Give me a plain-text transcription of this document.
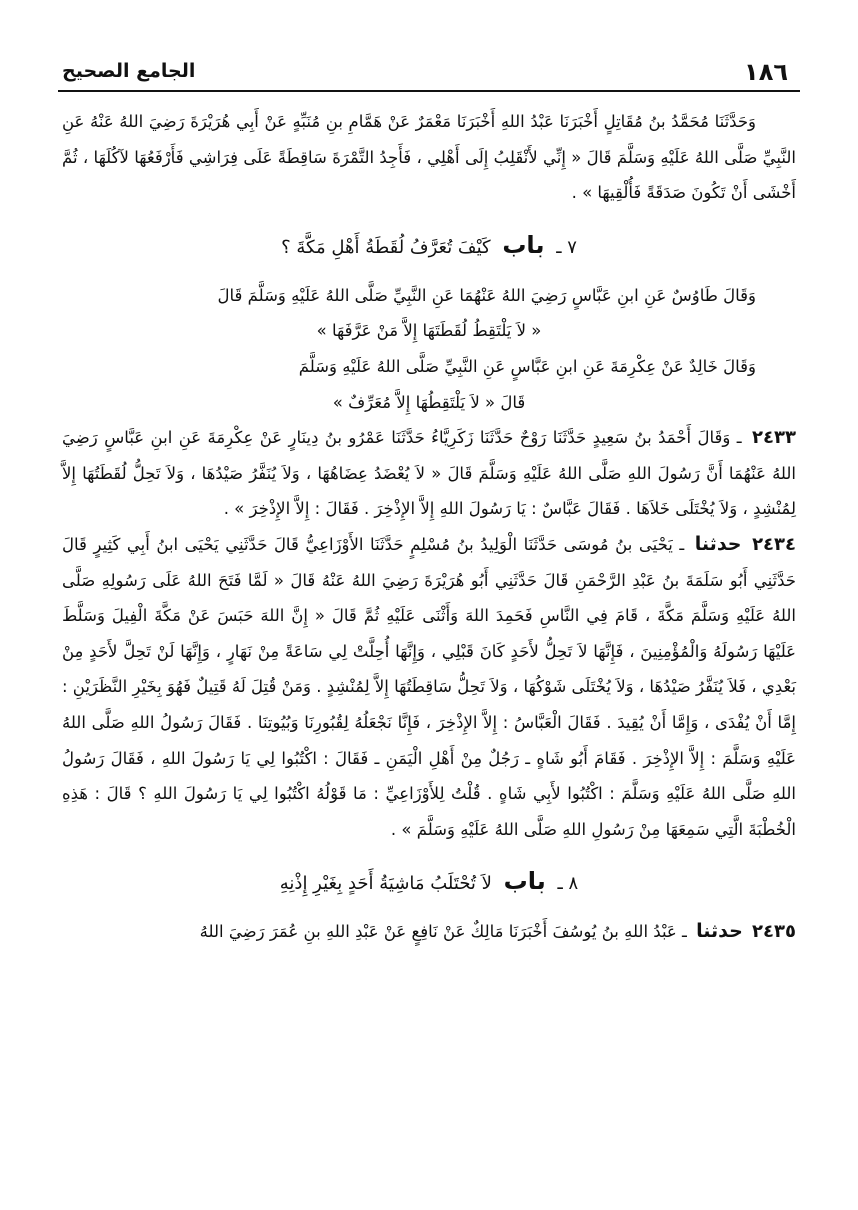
١٨٦
الجامع الصحيح

وَحَدَّثَنَا مُحَمَّدُ بنُ مُقَاتِلٍ أَخْبَرَنَا عَبْدُ اللهِ أَخْبَرَنَا مَعْمَرٌ عَنْ هَمَّامِ بنِ مُنَبِّهٍ عَنْ أَبِي هُرَيْرَةَ رَضِيَ اللهُ عَنْهُ عَنِ النَّبِيِّ صَلَّى اللهُ عَلَيْهِ وَسَلَّمَ قَالَ « إِنِّي لأَنْقَلِبُ إِلَى أَهْلِي ، فَأَجِدُ التَّمْرَةَ سَاقِطَةً عَلَى فِرَاشِي فَأَرْفَعُهَا لآكُلَهَا ، ثُمَّ أَخْشَى أَنْ تَكُونَ صَدَقَةً فَأُلْقِيهَا » .

٧ ـ باب كَيْفَ تُعَرَّفُ لُقَطَةُ أَهْلِ مَكَّةَ ؟

وَقَالَ طَاوُسٌ عَنِ ابنِ عَبَّاسٍ رَضِيَ اللهُ عَنْهُمَا عَنِ النَّبِيِّ صَلَّى اللهُ عَلَيْهِ وَسَلَّمَ قَالَ

« لاَ يَلْتَقِطُ لُقَطَتَهَا إِلاَّ مَنْ عَرَّفَهَا »

وَقَالَ خَالِدٌ عَنْ عِكْرِمَةَ عَنِ ابنِ عَبَّاسٍ عَنِ النَّبِيِّ صَلَّى اللهُ عَلَيْهِ وَسَلَّمَ

قَالَ « لاَ يَلْتَقِطُهَا إِلاَّ مُعَرِّفٌ »

٢٤٣٣ ـ وَقَالَ أَحْمَدُ بنُ سَعِيدٍ حَدَّثَنَا رَوْحٌ حَدَّثَنَا زَكَرِيَّاءُ حَدَّثَنَا عَمْرُو بنُ دِينَارٍ عَنْ عِكْرِمَةَ عَنِ ابنِ عَبَّاسٍ رَضِيَ اللهُ عَنْهُمَا أَنَّ رَسُولَ اللهِ صَلَّى اللهُ عَلَيْهِ وَسَلَّمَ قَالَ « لاَ يُعْضَدُ عِضَاهُهَا ، وَلاَ يُنَفَّرُ صَيْدُهَا ، وَلاَ تَحِلُّ لُقَطَتُهَا إِلاَّ لِمُنْشِدٍ ، وَلاَ يُخْتَلَى خَلاَهَا . فَقَالَ عَبَّاسٌ : يَا رَسُولَ اللهِ إِلاَّ الإِذْخِرَ . فَقَالَ : إِلاَّ الإِذْخِرَ » .

٢٤٣٤ حدثنا ـ يَحْيَى بنُ مُوسَى حَدَّثَنَا الْوَلِيدُ بنُ مُسْلِمٍ حَدَّثَنَا الأَوْزَاعِيُّ قَالَ حَدَّثَنِي يَحْيَى ابنُ أَبِي كَثِيرٍ قَالَ حَدَّثَنِي أَبُو سَلَمَةَ بنُ عَبْدِ الرَّحْمَنِ قَالَ حَدَّثَنِي أَبُو هُرَيْرَةَ رَضِيَ اللهُ عَنْهُ قَالَ « لَمَّا فَتَحَ اللهُ عَلَى رَسُولِهِ صَلَّى اللهُ عَلَيْهِ وَسَلَّمَ مَكَّةَ ، قَامَ فِي النَّاسِ فَحَمِدَ اللهَ وَأَثْنَى عَلَيْهِ ثُمَّ قَالَ « إِنَّ اللهَ حَبَسَ عَنْ مَكَّةَ الْفِيلَ وَسَلَّطَ عَلَيْهَا رَسُولَهُ وَالْمُؤْمِنِينَ ، فَإِنَّهَا لاَ تَحِلُّ لأَحَدٍ كَانَ قَبْلِي ، وَإِنَّهَا أُحِلَّتْ لِي سَاعَةً مِنْ نَهَارٍ ، وَإِنَّهَا لَنْ تَحِلَّ لأَحَدٍ مِنْ بَعْدِي ، فَلاَ يُنَفَّرُ صَيْدُهَا ، وَلاَ يُخْتَلَى شَوْكُهَا ، وَلاَ تَحِلُّ سَاقِطَتُهَا إِلاَّ لِمُنْشِدٍ . وَمَنْ قُتِلَ لَهُ قَتِيلٌ فَهُوَ بِخَيْرِ النَّظَرَيْنِ : إِمَّا أَنْ يُفْدَى ، وَإِمَّا أَنْ يُقِيدَ . فَقَالَ الْعَبَّاسُ : إِلاَّ الإِذْخِرَ ، فَإِنَّا نَجْعَلُهُ لِقُبُورِنَا وَبُيُوتِنَا . فَقَالَ رَسُولُ اللهِ صَلَّى اللهُ عَلَيْهِ وَسَلَّمَ : إِلاَّ الإِذْخِرَ . فَقَامَ أَبُو شَاهٍ ـ رَجُلٌ مِنْ أَهْلِ الْيَمَنِ ـ فَقَالَ : اكْتُبُوا لِي يَا رَسُولَ اللهِ ، فَقَالَ رَسُولُ اللهِ صَلَّى اللهُ عَلَيْهِ وَسَلَّمَ : اكْتُبُوا لأَبِي شَاهٍ . قُلْتُ لِلأَوْزَاعِيِّ : مَا قَوْلُهُ اكْتُبُوا لِي يَا رَسُولَ اللهِ ؟ قَالَ : هَذِهِ الْخُطْبَةَ الَّتِي سَمِعَهَا مِنْ رَسُولِ اللهِ صَلَّى اللهُ عَلَيْهِ وَسَلَّمَ » .

٨ ـ باب لاَ تُحْتَلَبُ مَاشِيَةُ أَحَدٍ بِغَيْرِ إِذْنِهِ

٢٤٣٥ حدثنا ـ عَبْدُ اللهِ بنُ يُوسُفَ أَخْبَرَنَا مَالِكٌ عَنْ نَافِعٍ عَنْ عَبْدِ اللهِ بنِ عُمَرَ رَضِيَ اللهُ
